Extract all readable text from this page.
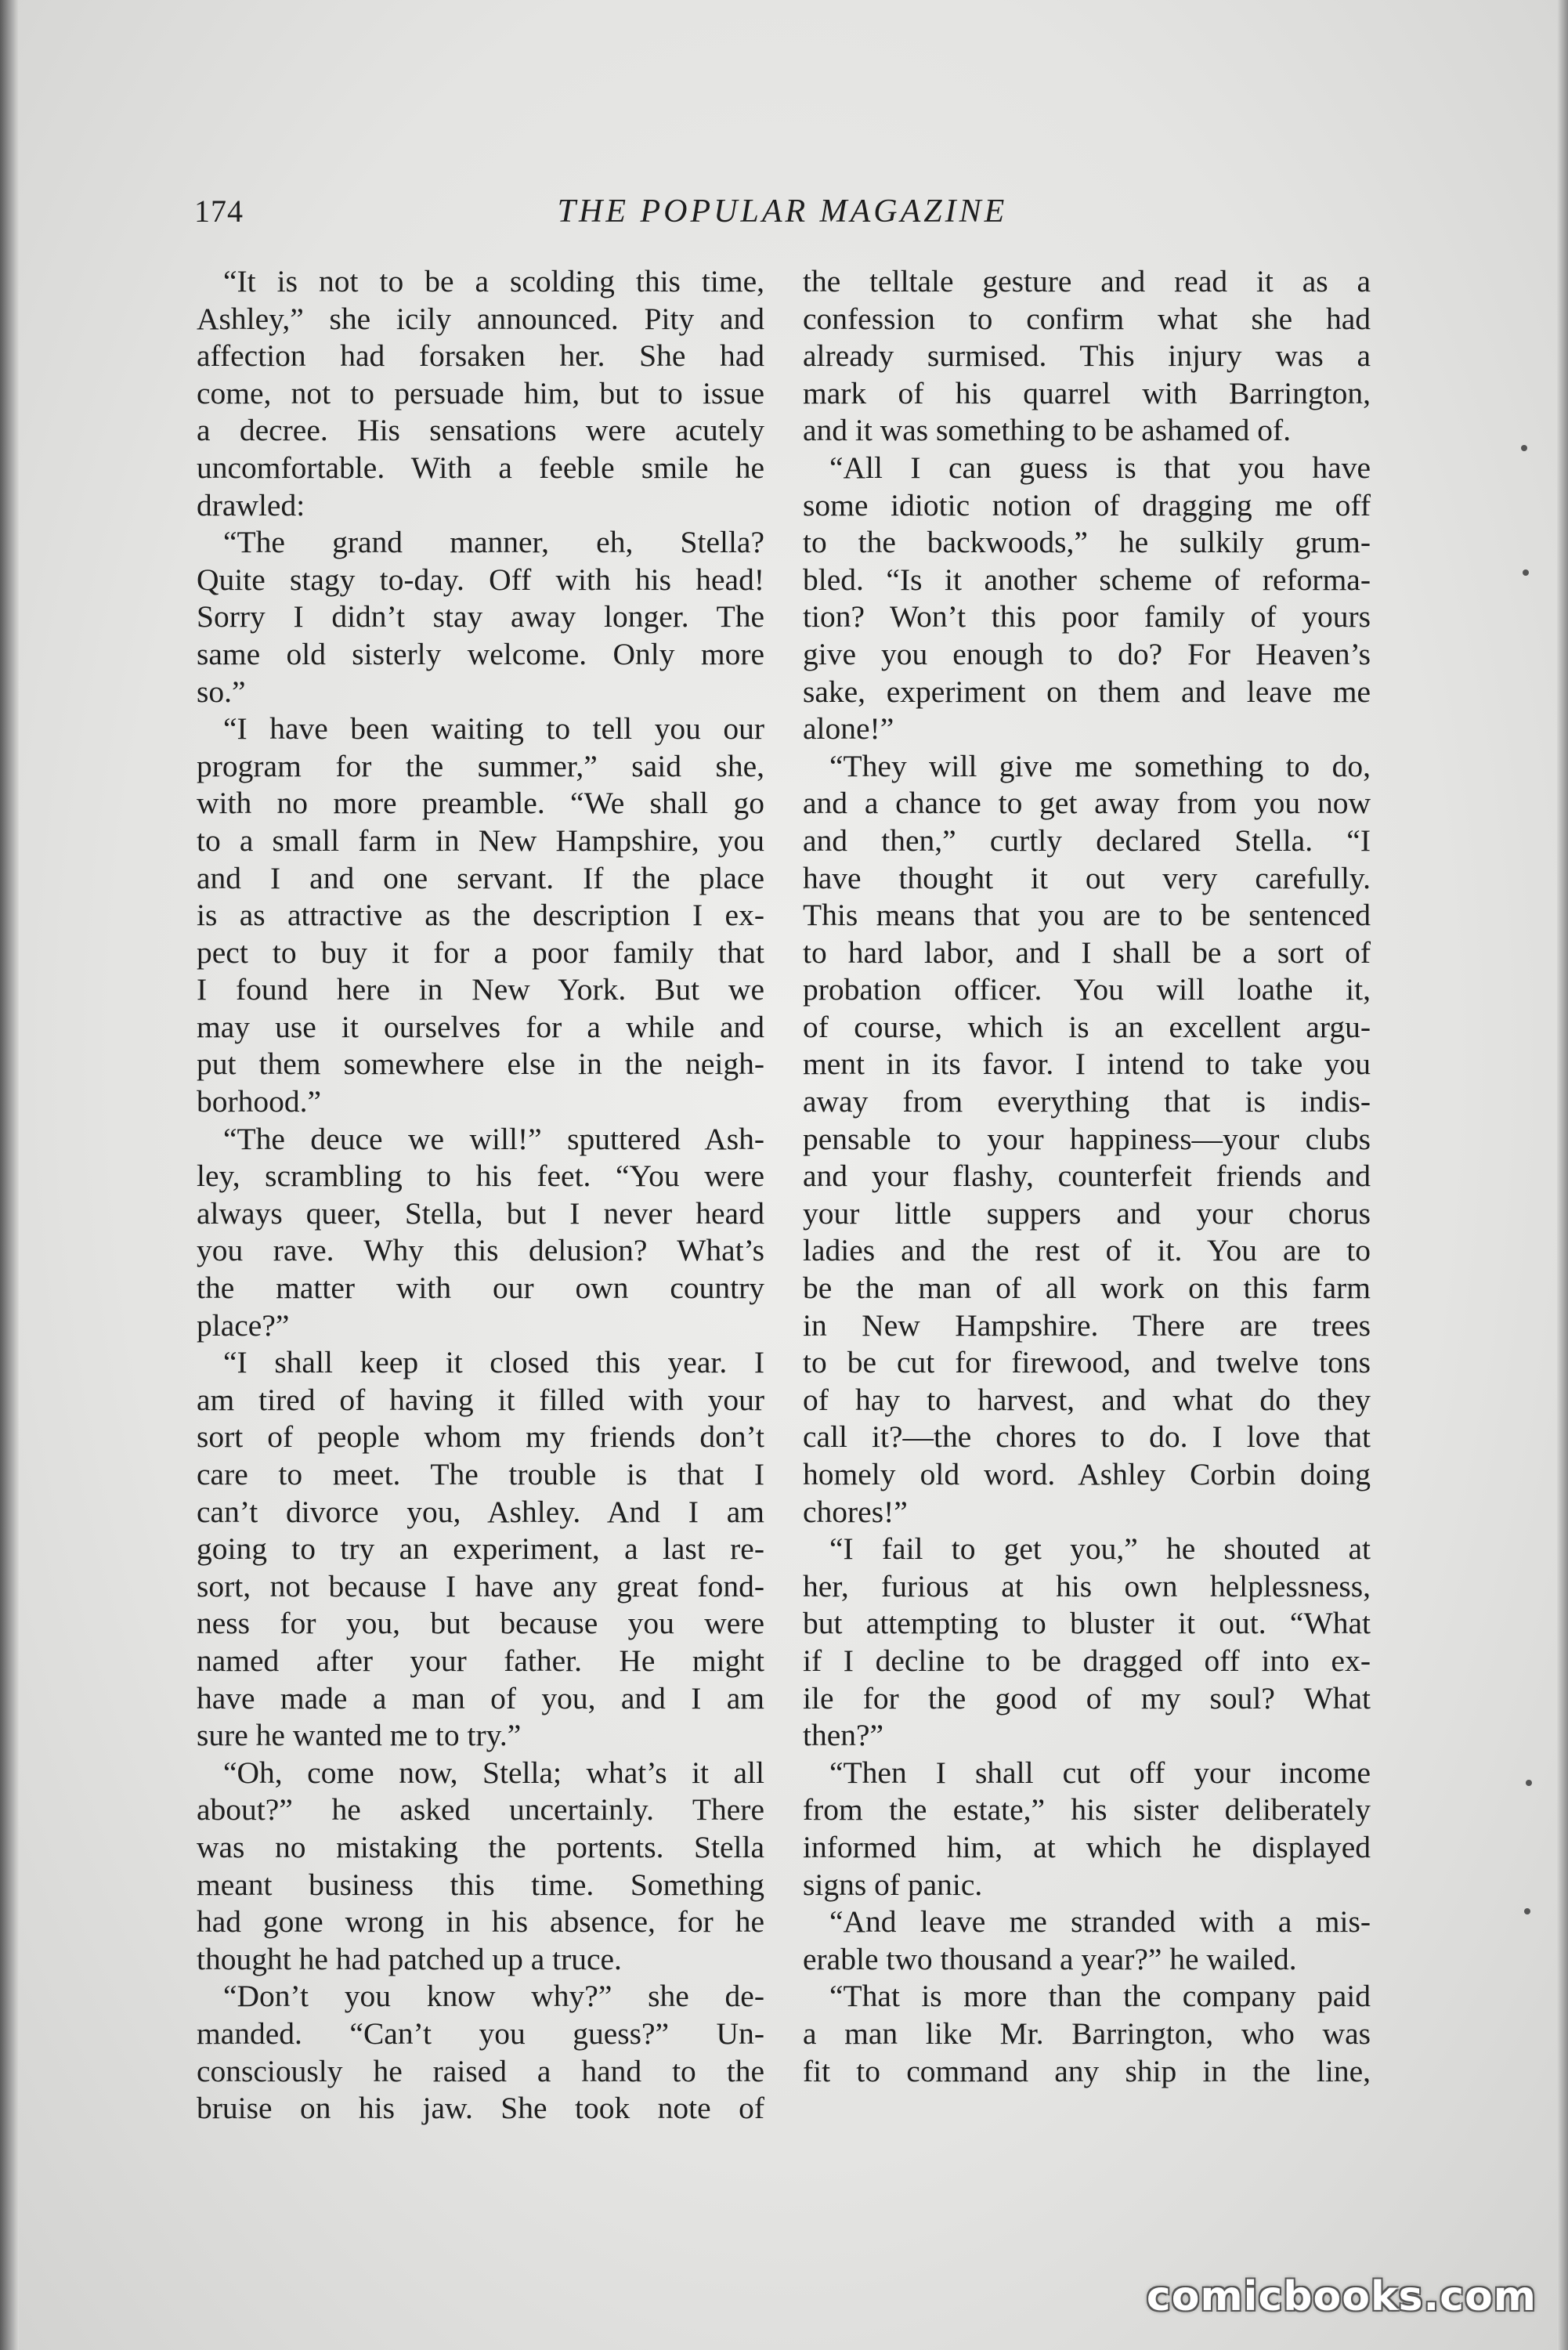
174	THE POPULAR MAGAZINE
“It is not to be a scolding this time,
Ashley,” she icily announced. Pity and
affection had forsaken her. She had
come, not to persuade him, but to issue
a decree. His sensations were acutely
uncomfortable. With a feeble smile he
drawled:
“The grand manner, eh, Stella?
Quite stagy to-day. Off with his head!
Sorry I didn’t stay away longer. The
same old sisterly welcome. Only more
so.”
“I have been waiting to tell you our
program for the summer,” said she,
with no more preamble. “We shall go
to a small farm in New Hampshire, you
and I and one servant. If the place
is as attractive as the description I ex-
pect to buy it for a poor family that
I found here in New York. But we
may use it ourselves for a while and
put them somewhere else in the neigh-
borhood.”
“The deuce we will!” sputtered Ash-
ley, scrambling to his feet. “You were
always queer, Stella, but I never heard
you rave. Why this delusion? What’s
the matter with our own country
place?”
“I shall keep it closed this year. I
am tired of having it filled with your
sort of people whom my friends don’t
care to meet. The trouble is that I
can’t divorce you, Ashley. And I am
going to try an experiment, a last re-
sort, not because I have any great fond-
ness for you, but because you were
named after your father. He might
have made a man of you, and I am
sure he wanted me to try.”
“Oh, come now, Stella; what’s it all
about?” he asked uncertainly. There
was no mistaking the portents. Stella
meant business this time. Something
had gone wrong in his absence, for he
thought he had patched up a truce.
“Don’t you know why?” she de-
manded. “Can’t you guess?” Un-
consciously he raised a hand to the
bruise on his jaw. She took note of
the telltale gesture and read it as a
confession to confirm what she had
already surmised. This injury was a
mark of his quarrel with Barrington,
and it was something to be ashamed of.
“All I can guess is that you have
some idiotic notion of dragging me off
to the backwoods,” he sulkily grum-
bled. “Is it another scheme of reforma-
tion? Won’t this poor family of yours
give you enough to do? For Heaven’s
sake, experiment on them and leave me
alone!”
“They will give me something to do,
and a chance to get away from you now
and then,” curtly declared Stella. “I
have thought it out very carefully.
This means that you are to be sentenced
to hard labor, and I shall be a sort of
probation officer. You will loathe it,
of course, which is an excellent argu-
ment in its favor. I intend to take you
away from everything that is indis-
pensable to your happiness—your clubs
and your flashy, counterfeit friends and
your little suppers and your chorus
ladies and the rest of it. You are to
be the man of all work on this farm
in New Hampshire. There are trees
to be cut for firewood, and twelve tons
of hay to harvest, and what do they
call it?—the chores to do. I love that
homely old word. Ashley Corbin doing
chores!”
“I fail to get you,” he shouted at
her, furious at his own helplessness,
but attempting to bluster it out. “What
if I decline to be dragged off into ex-
ile for the good of my soul? What
then?”
“Then I shall cut off your income
from the estate,” his sister deliberately
informed him, at which he displayed
signs of panic.
“And leave me stranded with a mis-
erable two thousand a year?” he wailed.
“That is more than the company paid
a man like Mr. Barrington, who was
fit to command any ship in the line,
comicbooks.com
